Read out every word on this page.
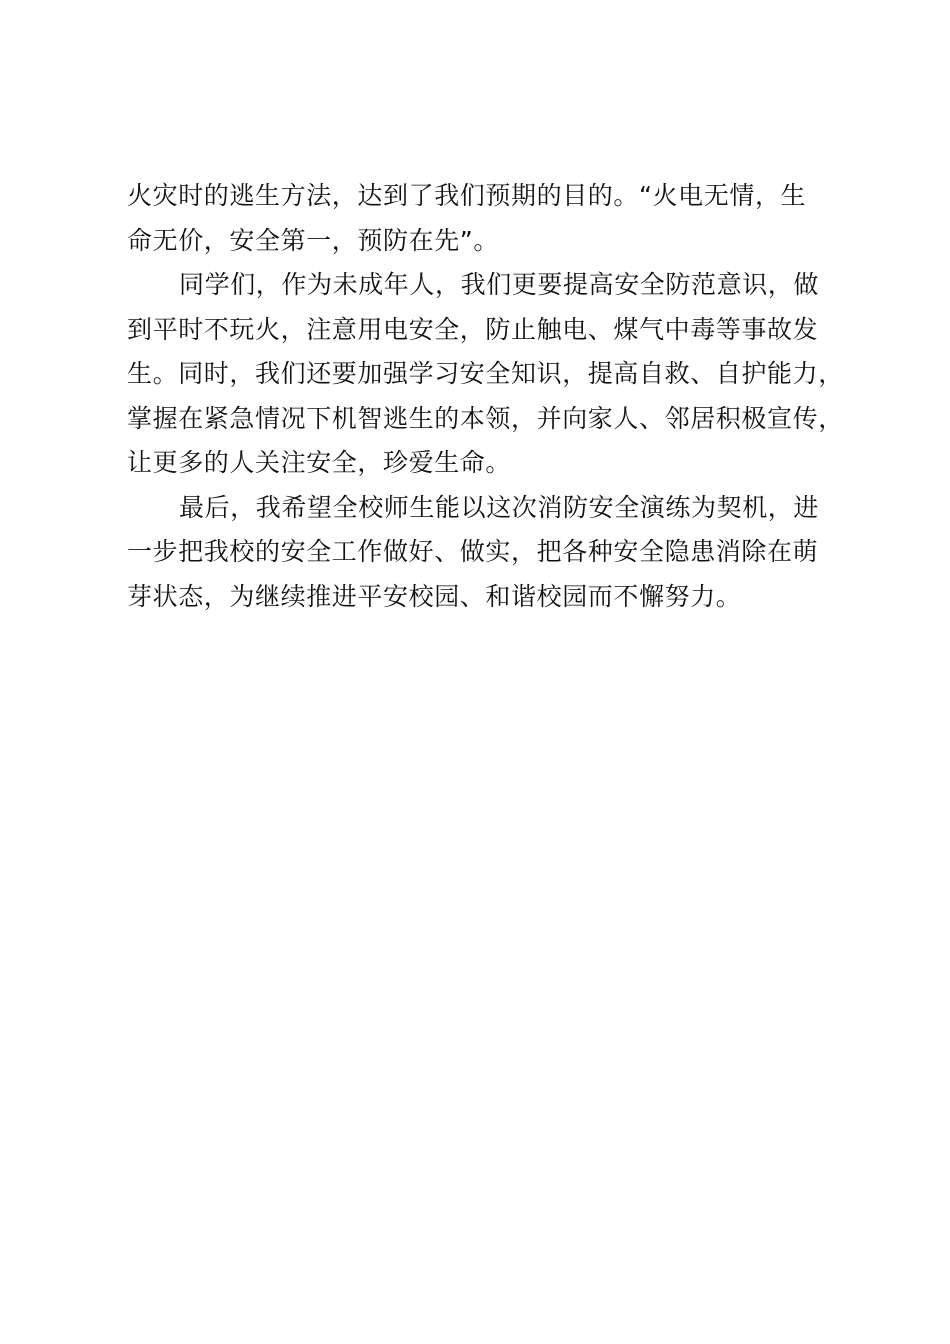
火灾时的逃生方法，达到了我们预期的目的。“火电无情，生
命无价，安全第一，预防在先”。

同学们，作为未成年人，我们更要提高安全防范意识，做
到平时不玩火，注意用电安全，防止触电、煤气中毒等事故发
生。同时，我们还要加强学习安全知识，提高自救、自护能力，
掌握在紧急情况下机智逃生的本领，并向家人、邻居积极宣传，
让更多的人关注安全，珍爱生命。

最后，我希望全校师生能以这次消防安全演练为契机，进
一步把我校的安全工作做好、做实，把各种安全隐患消除在萌
芽状态，为继续推进平安校园、和谐校园而不懈努力。
